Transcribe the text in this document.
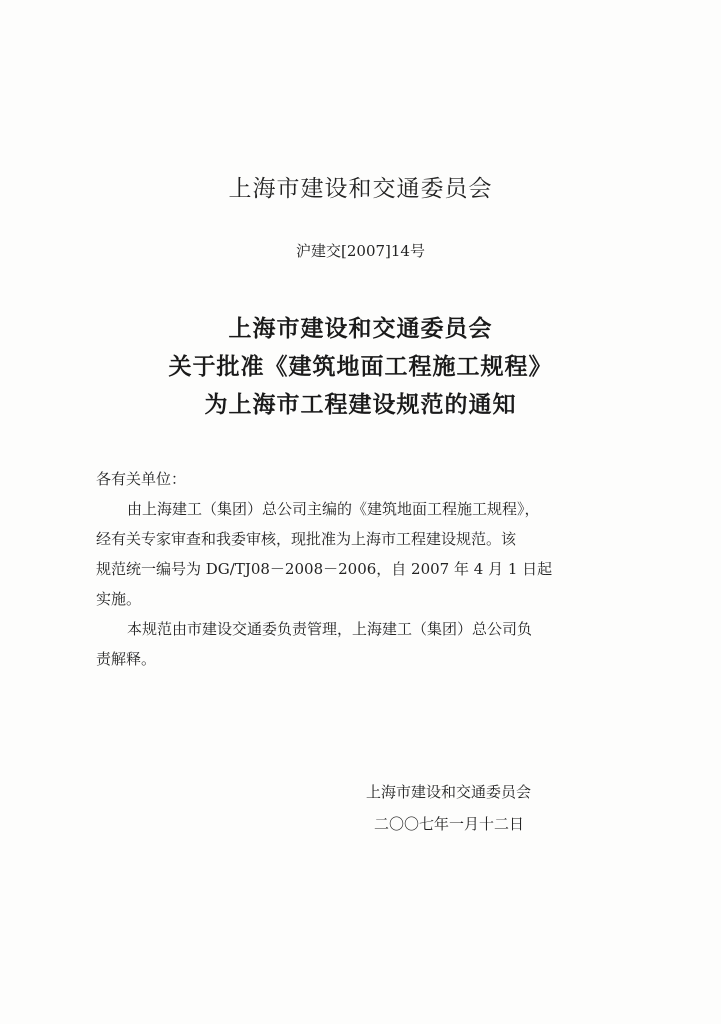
上海市建设和交通委员会
沪建交[2007]14号
上海市建设和交通委员会
关于批准《建筑地面工程施工规程》
为上海市工程建设规范的通知
各有关单位：
由上海建工（集团）总公司主编的《建筑地面工程施工规程》，
经有关专家审查和我委审核，现批准为上海市工程建设规范。该
规范统一编号为 DG/TJ08－2008－2006，自 2007 年 4 月 1 日起
实施。
本规范由市建设交通委负责管理，上海建工（集团）总公司负
责解释。
上海市建设和交通委员会
二〇〇七年一月十二日
